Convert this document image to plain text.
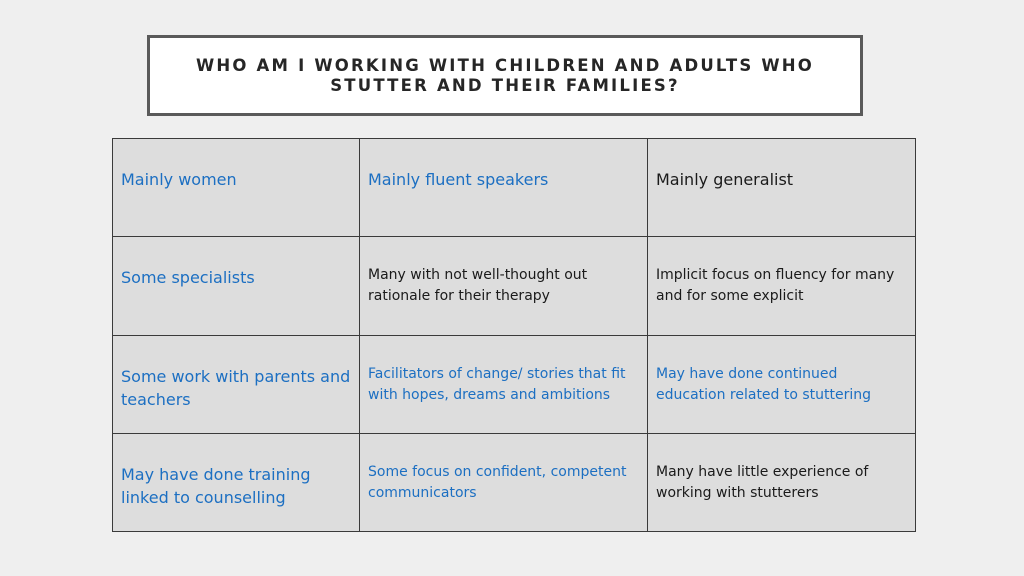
WHO AM I WORKING WITH CHILDREN AND ADULTS WHO
STUTTER AND THEIR FAMILIES?
Mainly women	Mainly fluent speakers	Mainly generalist

Some specialists	Many with not well-thought out rationale for their therapy	Implicit focus on fluency for many and for some explicit

Some work with parents and teachers	Facilitators of change/ stories that fit with hopes, dreams and ambitions	May have done continued education related to stuttering

May have done training linked to counselling	Some focus on confident, competent communicators	Many have little experience of working with stutterers
